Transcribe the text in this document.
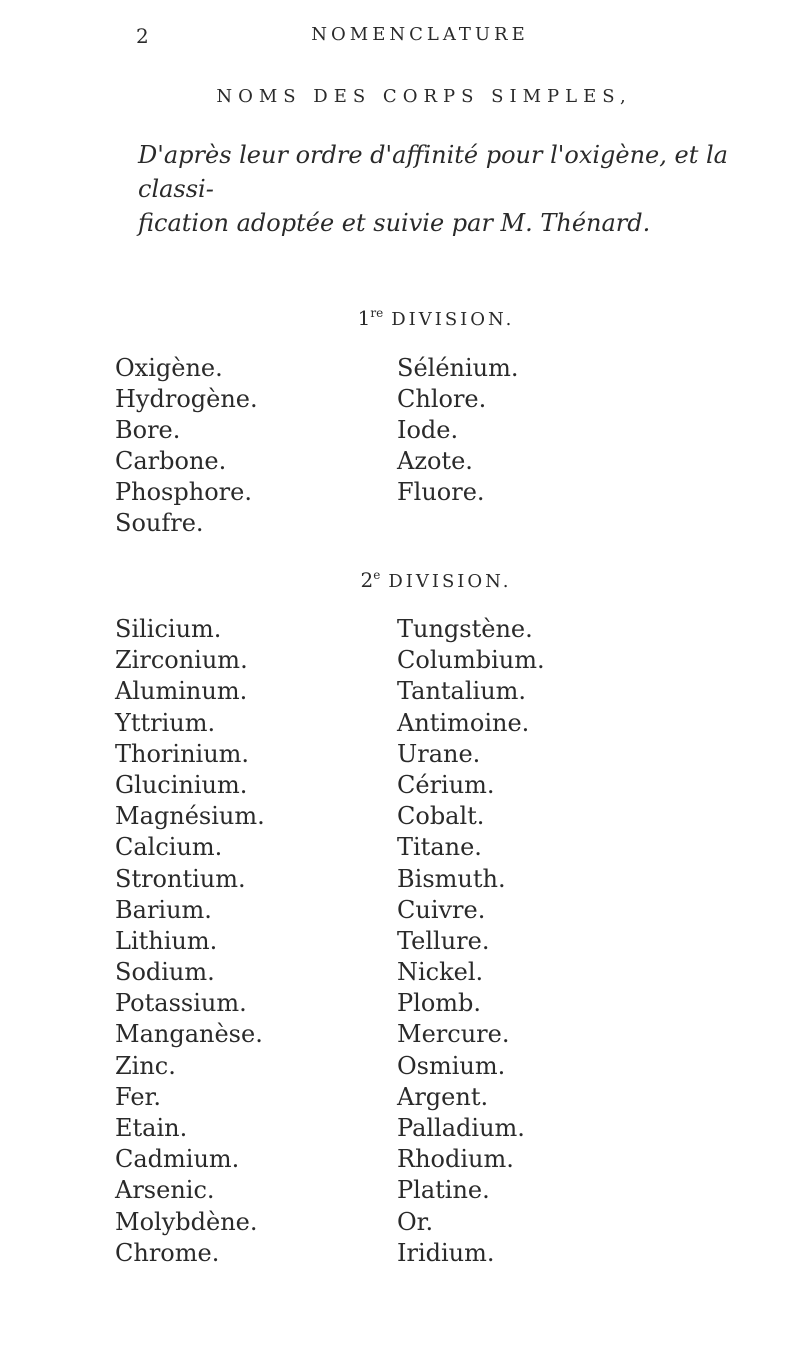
2	NOMENCLATURE
NOMS DES CORPS SIMPLES,
D'après leur ordre d'affinité pour l'oxigène, et la classi-
fication adoptée et suivie par M. Thénard.
1re DIVISION.
Oxigène.
Hydrogène.
Bore.
Carbone.
Phosphore.
Soufre.
Sélénium.
Chlore.
Iode.
Azote.
Fluore.
2e DIVISION.
Silicium.
Zirconium.
Aluminum.
Yttrium.
Thorinium.
Glucinium.
Magnésium.
Calcium.
Strontium.
Barium.
Lithium.
Sodium.
Potassium.
Manganèse.
Zinc.
Fer.
Etain.
Cadmium.
Arsenic.
Molybdène.
Chrome.
Tungstène.
Columbium.
Tantalium.
Antimoine.
Urane.
Cérium.
Cobalt.
Titane.
Bismuth.
Cuivre.
Tellure.
Nickel.
Plomb.
Mercure.
Osmium.
Argent.
Palladium.
Rhodium.
Platine.
Or.
Iridium.
